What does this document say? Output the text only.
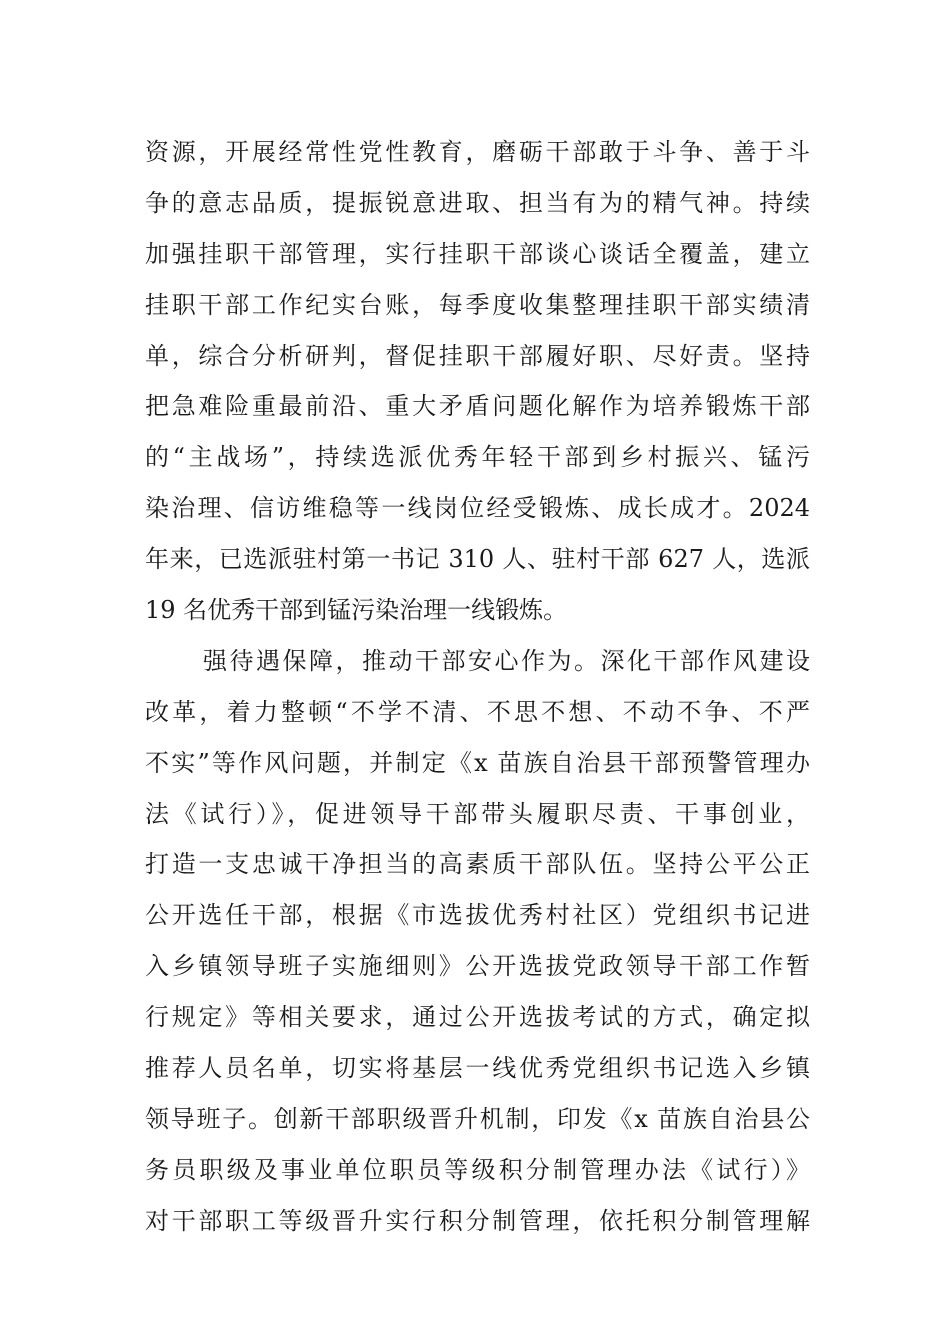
资源，开展经常性党性教育，磨砺干部敢于斗争、善于斗
争的意志品质，提振锐意进取、担当有为的精气神。持续
加强挂职干部管理，实行挂职干部谈心谈话全覆盖，建立
挂职干部工作纪实台账，每季度收集整理挂职干部实绩清
单，综合分析研判，督促挂职干部履好职、尽好责。坚持
把急难险重最前沿、重大矛盾问题化解作为培养锻炼干部
的“主战场”，持续选派优秀年轻干部到乡村振兴、锰污
染治理、信访维稳等一线岗位经受锻炼、成长成才。2024
年来，已选派驻村第一书记 310 人、驻村干部 627 人，选派
19 名优秀干部到锰污染治理一线锻炼。
强待遇保障，推动干部安心作为。深化干部作风建设
改革，着力整顿“不学不清、不思不想、不动不争、不严
不实”等作风问题，并制定《x 苗族自治县干部预警管理办
法《试行）》，促进领导干部带头履职尽责、干事创业，
打造一支忠诚干净担当的高素质干部队伍。坚持公平公正
公开选任干部，根据《市选拔优秀村社区）党组织书记进
入乡镇领导班子实施细则》公开选拔党政领导干部工作暂
行规定》等相关要求，通过公开选拔考试的方式，确定拟
推荐人员名单，切实将基层一线优秀党组织书记选入乡镇
领导班子。创新干部职级晋升机制，印发《x 苗族自治县公
务员职级及事业单位职员等级积分制管理办法《试行）》
对干部职工等级晋升实行积分制管理，依托积分制管理解
